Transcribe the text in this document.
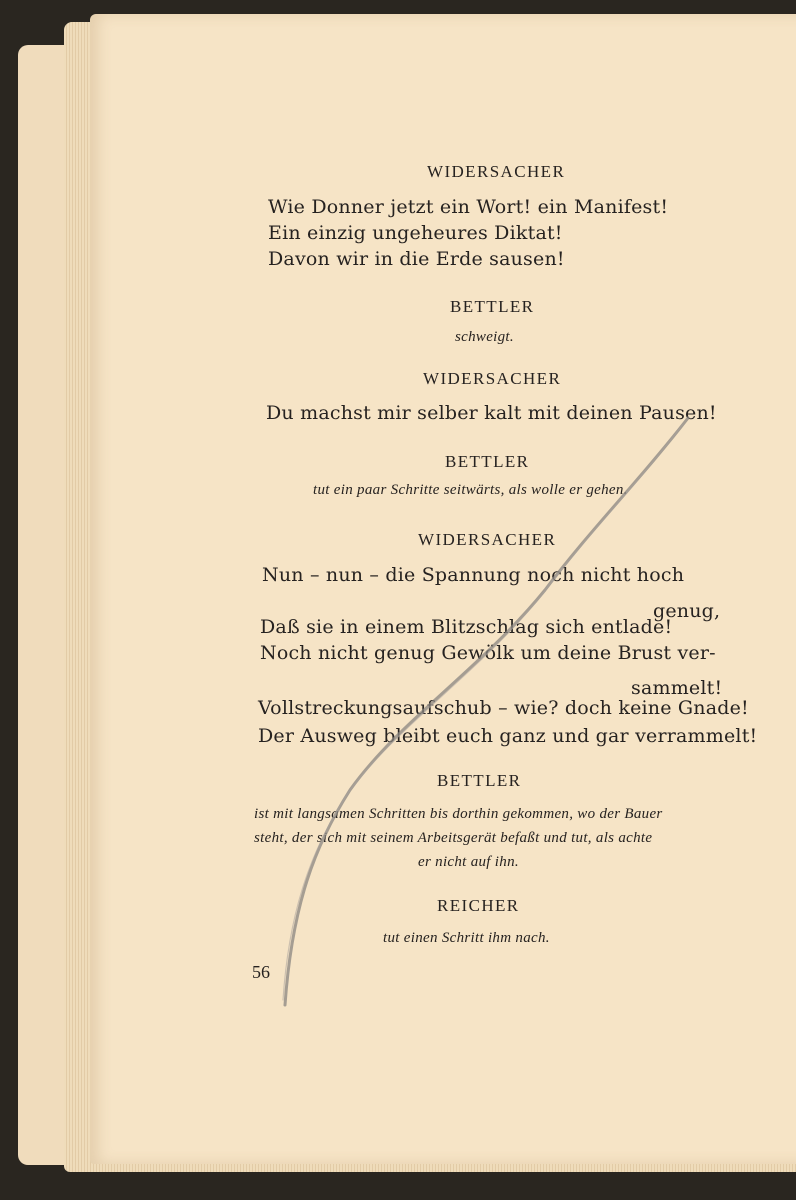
WIDERSACHER
Wie Donner jetzt ein Wort! ein Manifest!
Ein einzig ungeheures Diktat!
Davon wir in die Erde sausen!
BETTLER
schweigt.
WIDERSACHER
Du machst mir selber kalt mit deinen Pausen!
BETTLER
tut ein paar Schritte seitwärts, als wolle er gehen.
WIDERSACHER
Nun – nun – die Spannung noch nicht hoch
genug,
Daß sie in einem Blitzschlag sich entlade!
Noch nicht genug Gewölk um deine Brust ver-
sammelt!
Vollstreckungsaufschub – wie? doch keine Gnade!
Der Ausweg bleibt euch ganz und gar verrammelt!
BETTLER
ist mit langsamen Schritten bis dorthin gekommen, wo der Bauer
steht, der sich mit seinem Arbeitsgerät befaßt und tut, als achte
er nicht auf ihn.
REICHER
tut einen Schritt ihm nach.
56
